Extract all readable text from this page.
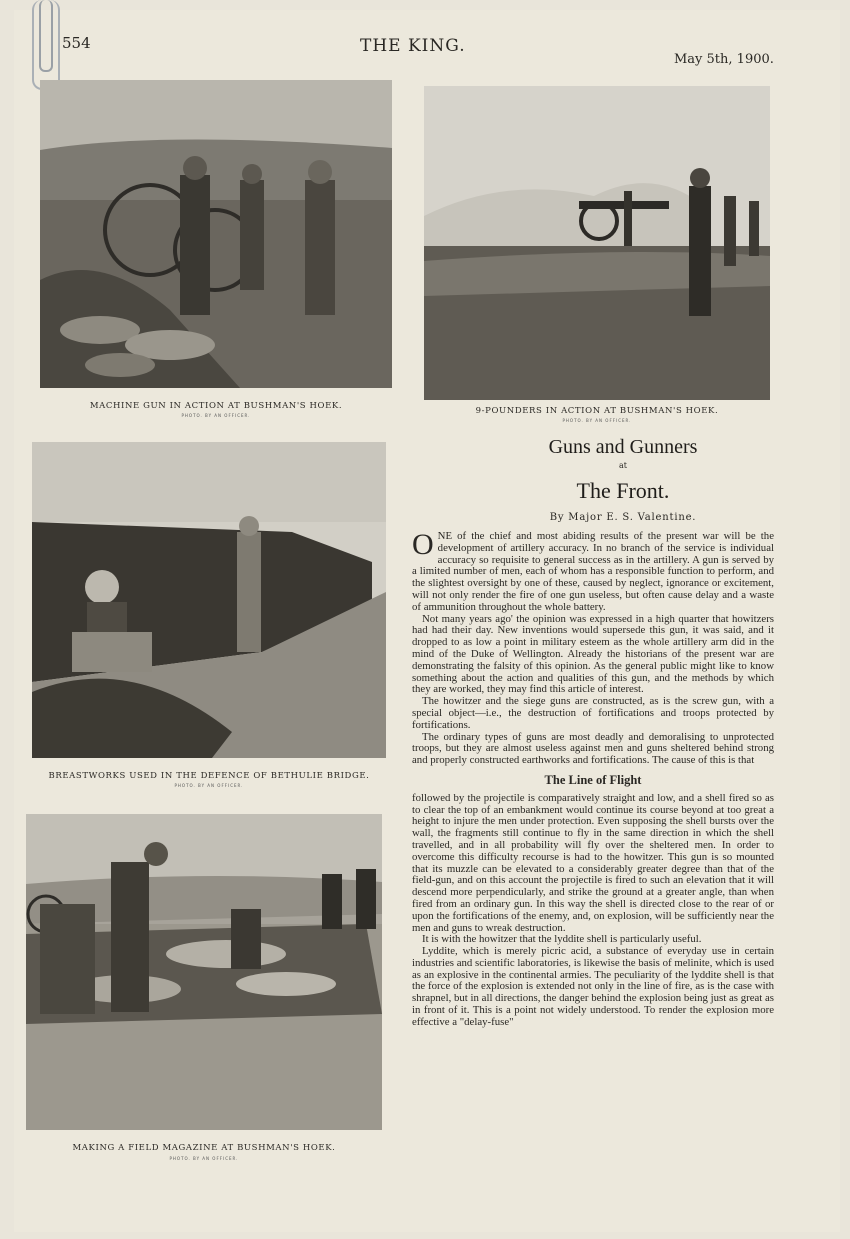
554	THE KING.
May 5th, 1900.
MACHINE GUN IN ACTION AT BUSHMAN'S HOEK.
PHOTO. BY AN OFFICER.	9-POUNDERS IN ACTION AT BUSHMAN'S HOEK.
PHOTO. BY AN OFFICER.
BREASTWORKS USED IN THE DEFENCE OF BETHULIE BRIDGE.
PHOTO. BY AN OFFICER.
MAKING A FIELD MAGAZINE AT BUSHMAN'S HOEK.
PHOTO. BY AN OFFICER.
Guns and Gunners
at
The Front.
By Major E. S. Valentine.

ONE of the chief and most abiding results of the present war will be the development of artillery accuracy. In no branch of the service is individual accuracy so requisite to general success as in the artillery. A gun is served by a limited number of men, each of whom has a responsible function to perform, and the slightest oversight by one of these, caused by neglect, ignorance or excitement, will not only render the fire of one gun useless, but often cause delay and a waste of ammunition throughout the whole battery.

Not many years ago' the opinion was expressed in a high quarter that howitzers had had their day. New inventions would supersede this gun, it was said, and it dropped to as low a point in military esteem as the whole artillery arm did in the mind of the Duke of Wellington. Already the historians of the present war are demonstrating the falsity of this opinion. As the general public might like to know something about the action and qualities of this gun, and the methods by which they are worked, they may find this article of interest.

The howitzer and the siege guns are constructed, as is the screw gun, with a special object—i.e., the destruction of fortifications and troops protected by fortifications.

The ordinary types of guns are most deadly and demoralising to unprotected troops, but they are almost useless against men and guns sheltered behind strong and properly constructed earthworks and fortifications. The cause of this is that

The Line of Flight

followed by the projectile is comparatively straight and low, and a shell fired so as to clear the top of an embankment would continue its course beyond at too great a height to injure the men under protection. Even supposing the shell bursts over the wall, the fragments still continue to fly in the same direction in which the shell travelled, and in all probability will fly over the sheltered men. In order to overcome this difficulty recourse is had to the howitzer. This gun is so mounted that its muzzle can be elevated to a considerably greater degree than that of the field-gun, and on this account the projectile is fired to such an elevation that it will descend more perpendicularly, and strike the ground at a greater angle, than when fired from an ordinary gun. In this way the shell is directed close to the rear of or upon the fortifications of the enemy, and, on explosion, will be sufficiently near the men and guns to wreak destruction.

It is with the howitzer that the lyddite shell is particularly useful.

Lyddite, which is merely picric acid, a substance of everyday use in certain industries and scientific laboratories, is likewise the basis of melinite, which is used as an explosive in the continental armies. The peculiarity of the lyddite shell is that the force of the explosion is extended not only in the line of fire, as is the case with shrapnel, but in all directions, the danger behind the explosion being just as great as in front of it. This is a point not widely understood. To render the explosion more effective a "delay-fuse"
